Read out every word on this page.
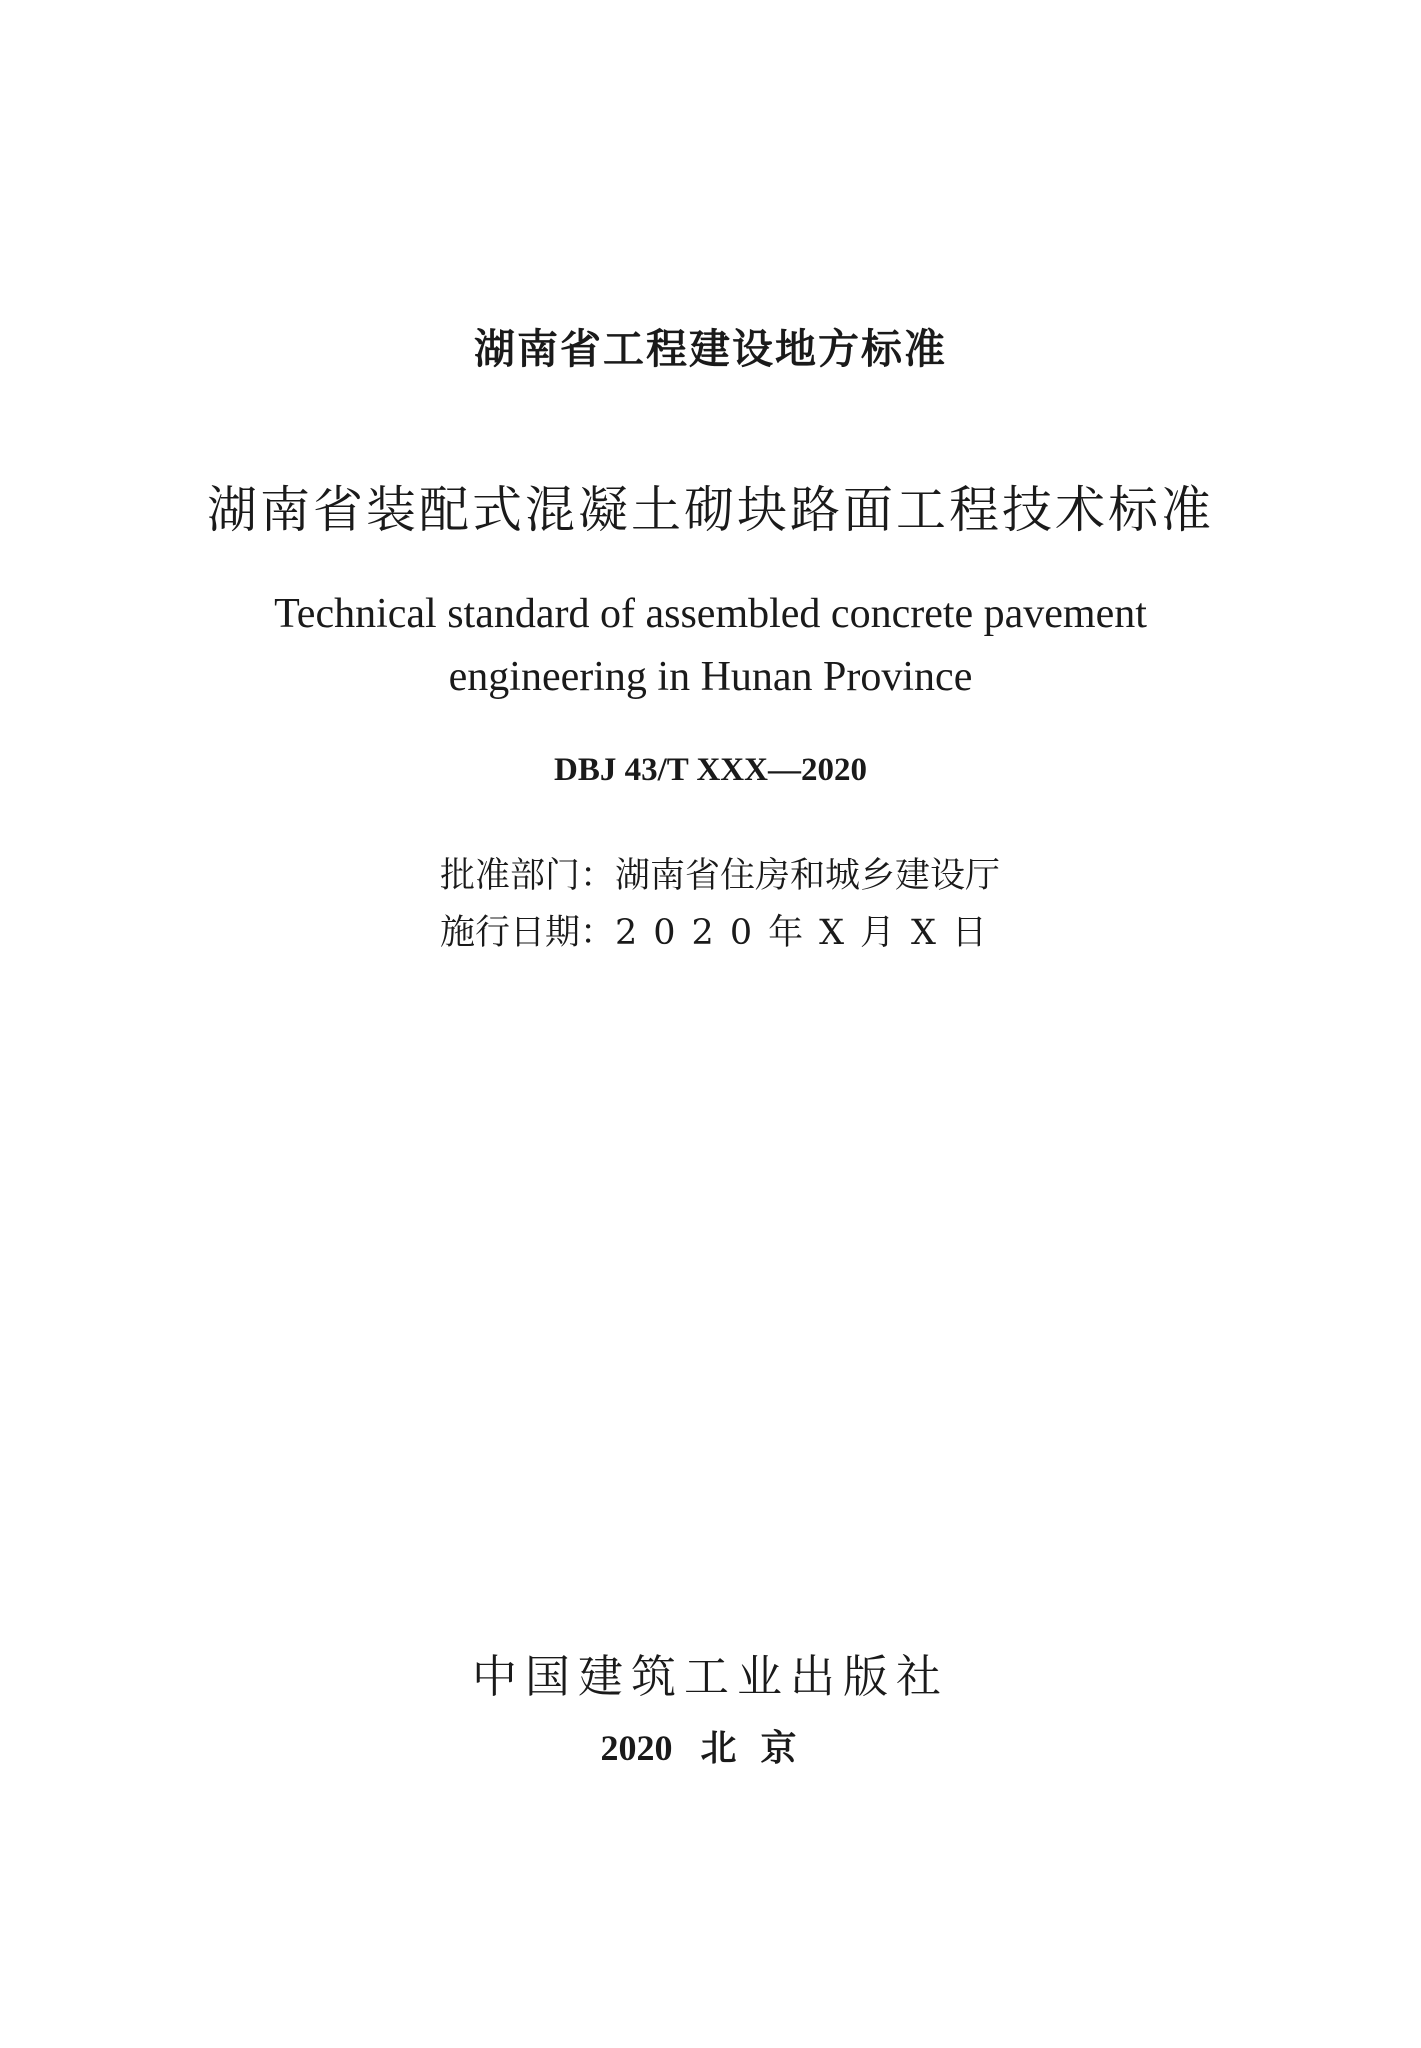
湖南省工程建设地方标准
湖南省装配式混凝土砌块路面工程技术标准
Technical standard of assembled concrete pavement
engineering in Hunan Province
DBJ 43/T XXX—2020
批准部门：湖南省住房和城乡建设厅
施行日期：2020年X月X日
中国建筑工业出版社
2020 北京
